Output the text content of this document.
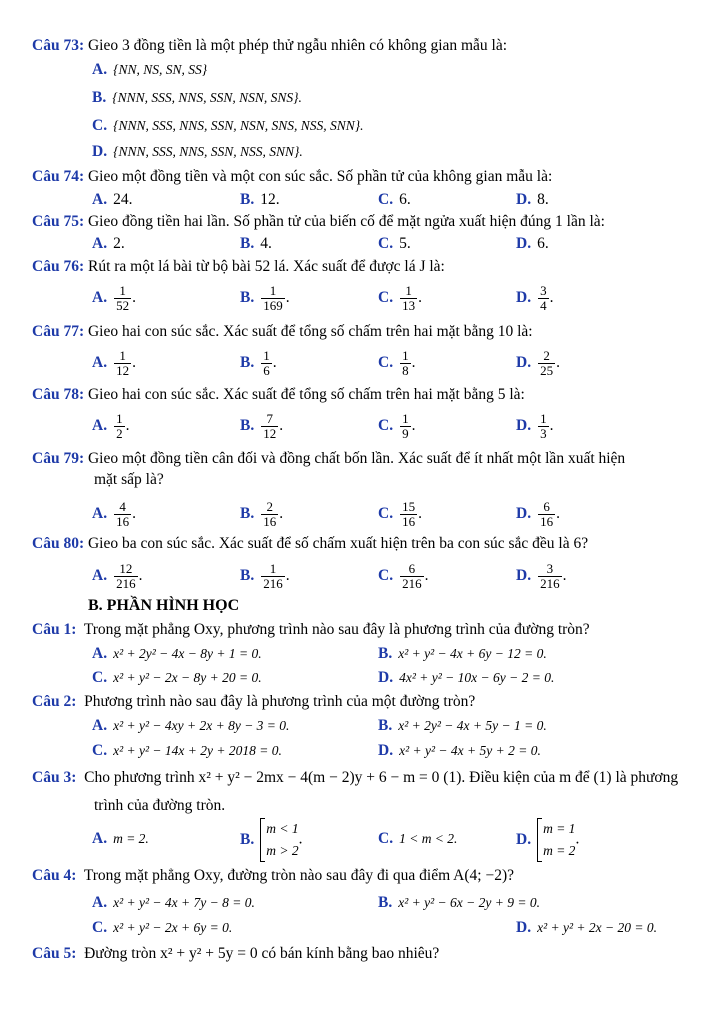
Câu 73: Gieo 3 đồng tiền là một phép thử ngẫu nhiên có không gian mẫu là:
A. {NN, NS, SN, SS}
B. {NNN, SSS, NNS, SSN, NSN, SNS}.
C. {NNN, SSS, NNS, SSN, NSN, SNS, NSS, SNN}.
D. {NNN, SSS, NNS, SSN, NSS, SNN}.
Câu 74: Gieo một đồng tiền và một con súc sắc. Số phần tử của không gian mẫu là:
A. 24.	B. 12.	C. 6.	D. 8.
Câu 75: Gieo đồng tiền hai lần. Số phần tử của biến cố để mặt ngửa xuất hiện đúng 1 lần là:
A. 2.	B. 4.	C. 5.	D. 6.
Câu 76: Rút ra một lá bài từ bộ bài 52 lá. Xác suất để được lá J là:
A. $\frac{1}{52}$ .	B. $\frac{1}{169}$ .	C. $\frac{1}{13}$ .	D. $\frac{3}{4}$ .
Câu 77: Gieo hai con súc sắc. Xác suất để tổng số chấm trên hai mặt bằng 10 là:
A. $\frac{1}{12}$ .	B. $\frac{1}{6}$ .	C. $\frac{1}{8}$ .	D. $\frac{2}{25}$ .
Câu 78: Gieo hai con súc sắc. Xác suất để tổng số chấm trên hai mặt bằng 5 là:
A. $\frac{1}{2}$ .	B. $\frac{7}{12}$ .	C. $\frac{1}{9}$ .	D. $\frac{1}{3}$ .
Câu 79: Gieo một đồng tiền cân đối và đồng chất bốn lần. Xác suất để ít nhất một lần xuất hiện
mặt sấp là?
A. $\frac{4}{16}$ .	B. $\frac{2}{16}$ .	C. $\frac{15}{16}$ .	D. $\frac{6}{16}$ .
Câu 80: Gieo ba con súc sắc. Xác suất để số chấm xuất hiện trên ba con súc sắc đều là 6?
A. $\frac{12}{216}$ .	B. $\frac{1}{216}$ .	C. $\frac{6}{216}$ .	D. $\frac{3}{216}$ .
B. PHẦN HÌNH HỌC
Câu 1: Trong mặt phẳng Oxy, phương trình nào sau đây là phương trình của đường tròn?
A. x² + 2y² − 4x − 8y + 1 = 0.	B. x² + y² − 4x + 6y − 12 = 0.
C. x² + y² − 2x − 8y + 20 = 0.	D. 4x² + y² − 10x − 6y − 2 = 0.
Câu 2: Phương trình nào sau đây là phương trình của một đường tròn?
A. x² + y² − 4xy + 2x + 8y − 3 = 0.	B. x² + 2y² − 4x + 5y − 1 = 0.
C. x² + y² − 14x + 2y + 2018 = 0.	D. x² + y² − 4x + 5y + 2 = 0.
Câu 3: Cho phương trình x² + y² − 2mx − 4(m − 2)y + 6 − m = 0 (1). Điều kiện của m để (1) là phương
trình của đường tròn.
A. m = 2.	B.
m < 1
m > 2
.	C. 1 < m < 2.	D.
m = 1
m = 2
.
Câu 4: Trong mặt phẳng Oxy, đường tròn nào sau đây đi qua điểm A(4; −2)?
A. x² + y² − 4x + 7y − 8 = 0.	B. x² + y² − 6x − 2y + 9 = 0.
C. x² + y² − 2x + 6y = 0.	D. x² + y² + 2x − 20 = 0.
Câu 5: Đường tròn x² + y² + 5y = 0 có bán kính bằng bao nhiêu?
